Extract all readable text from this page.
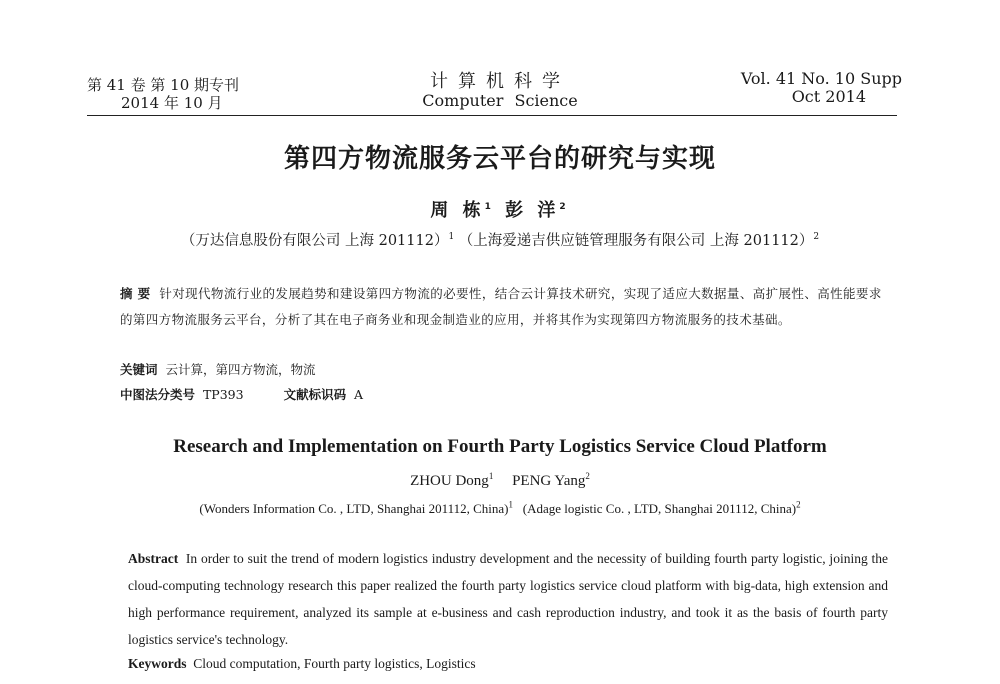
第 41 卷 第 10 期专刊
2014 年 10 月
计算机科学
Computer Science
Vol. 41 No. 10 Supp
Oct 2014
第四方物流服务云平台的研究与实现
周 栋$^1$ 彭 洋$^2$
（万达信息股份有限公司 上海 201112）$^1$ （上海爱递吉供应链管理服务有限公司 上海 201112）$^2$
摘 要 针对现代物流行业的发展趋势和建设第四方物流的必要性，结合云计算技术研究，实现了适应大数据量、高扩展性、高性能要求的第四方物流服务云平台，分析了其在电子商务业和现金制造业的应用，并将其作为实现第四方物流服务的技术基础。
关键词 云计算，第四方物流，物流
中图法分类号 TP393	文献标识码 A
Research and Implementation on Fourth Party Logistics Service Cloud Platform
ZHOU Dong$^1$ PENG Yang$^2$
(Wonders Information Co. , LTD, Shanghai 201112, China)$^1$ (Adage logistic Co. , LTD, Shanghai 201112, China)$^2$
Abstract In order to suit the trend of modern logistics industry development and the necessity of building fourth party logistic, joining the cloud-computing technology research this paper realized the fourth party logistics service cloud platform with big-data, high extension and high performance requirement, analyzed its sample at e-business and cash reproduction industry, and took it as the basis of fourth party logistics service's technology.
Keywords Cloud computation, Fourth party logistics, Logistics
